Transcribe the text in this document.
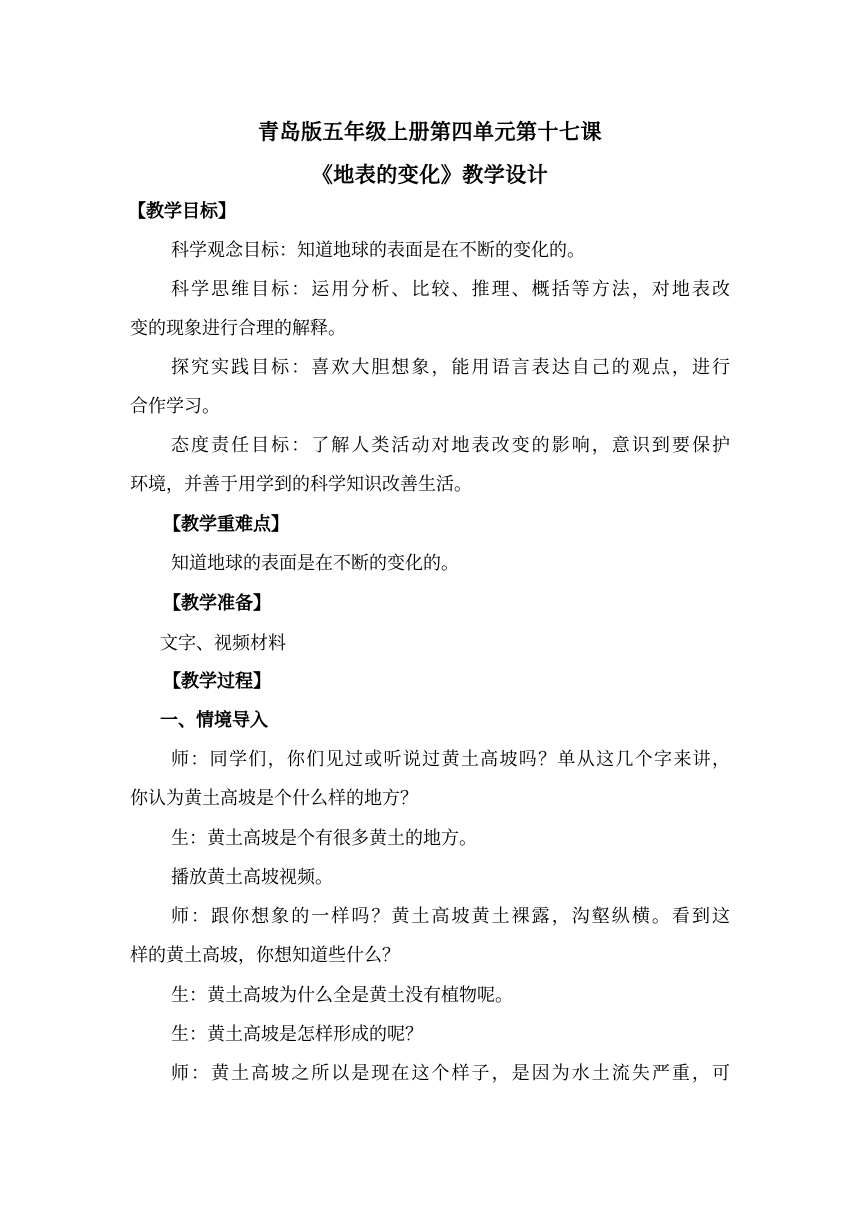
青岛版五年级上册第四单元第十七课
《地表的变化》教学设计
【教学目标】
科学观念目标：知道地球的表面是在不断的变化的。
科学思维目标：运用分析、比较、推理、概括等方法，对地表改
变的现象进行合理的解释。
探究实践目标：喜欢大胆想象，能用语言表达自己的观点，进行
合作学习。
态度责任目标：了解人类活动对地表改变的影响，意识到要保护
环境，并善于用学到的科学知识改善生活。
【教学重难点】
知道地球的表面是在不断的变化的。
【教学准备】
文字、视频材料
【教学过程】
一、情境导入
师：同学们，你们见过或听说过黄土高坡吗？单从这几个字来讲，
你认为黄土高坡是个什么样的地方？
生：黄土高坡是个有很多黄土的地方。
播放黄土高坡视频。
师：跟你想象的一样吗？黄土高坡黄土裸露，沟壑纵横。看到这
样的黄土高坡，你想知道些什么？
生：黄土高坡为什么全是黄土没有植物呢。
生：黄土高坡是怎样形成的呢？
师：黄土高坡之所以是现在这个样子，是因为水土流失严重，可
